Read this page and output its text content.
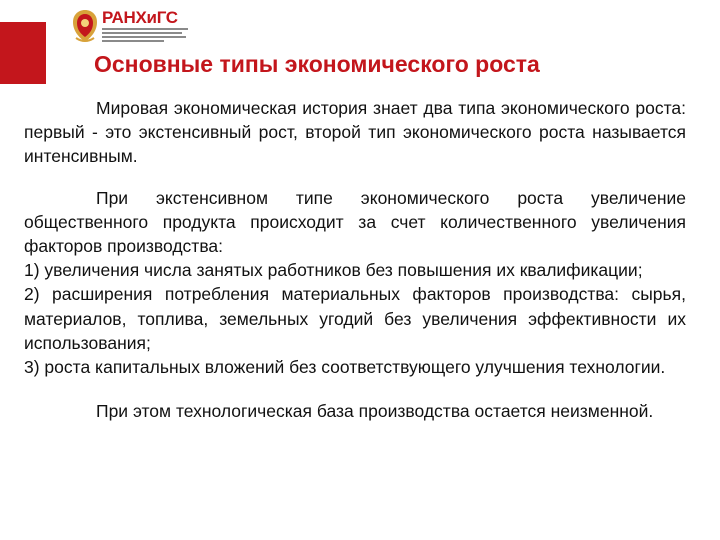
РАНХиГС
Основные типы экономического роста

Мировая экономическая история знает два типа экономического роста: первый - это экстенсивный рост, второй тип экономического роста называется интенсивным.

При экстенсивном типе экономического роста увеличение общественного продукта происходит за счет количественного увеличения факторов производства:

1) увеличения числа занятых работников без повышения их квалификации;

2) расширения потребления материальных факторов производства: сырья, материалов, топлива, земельных угодий без увеличения эффективности их использования;

3) роста капитальных вложений без соответствующего улучшения технологии.

При этом технологическая база производства остается неизменной.
